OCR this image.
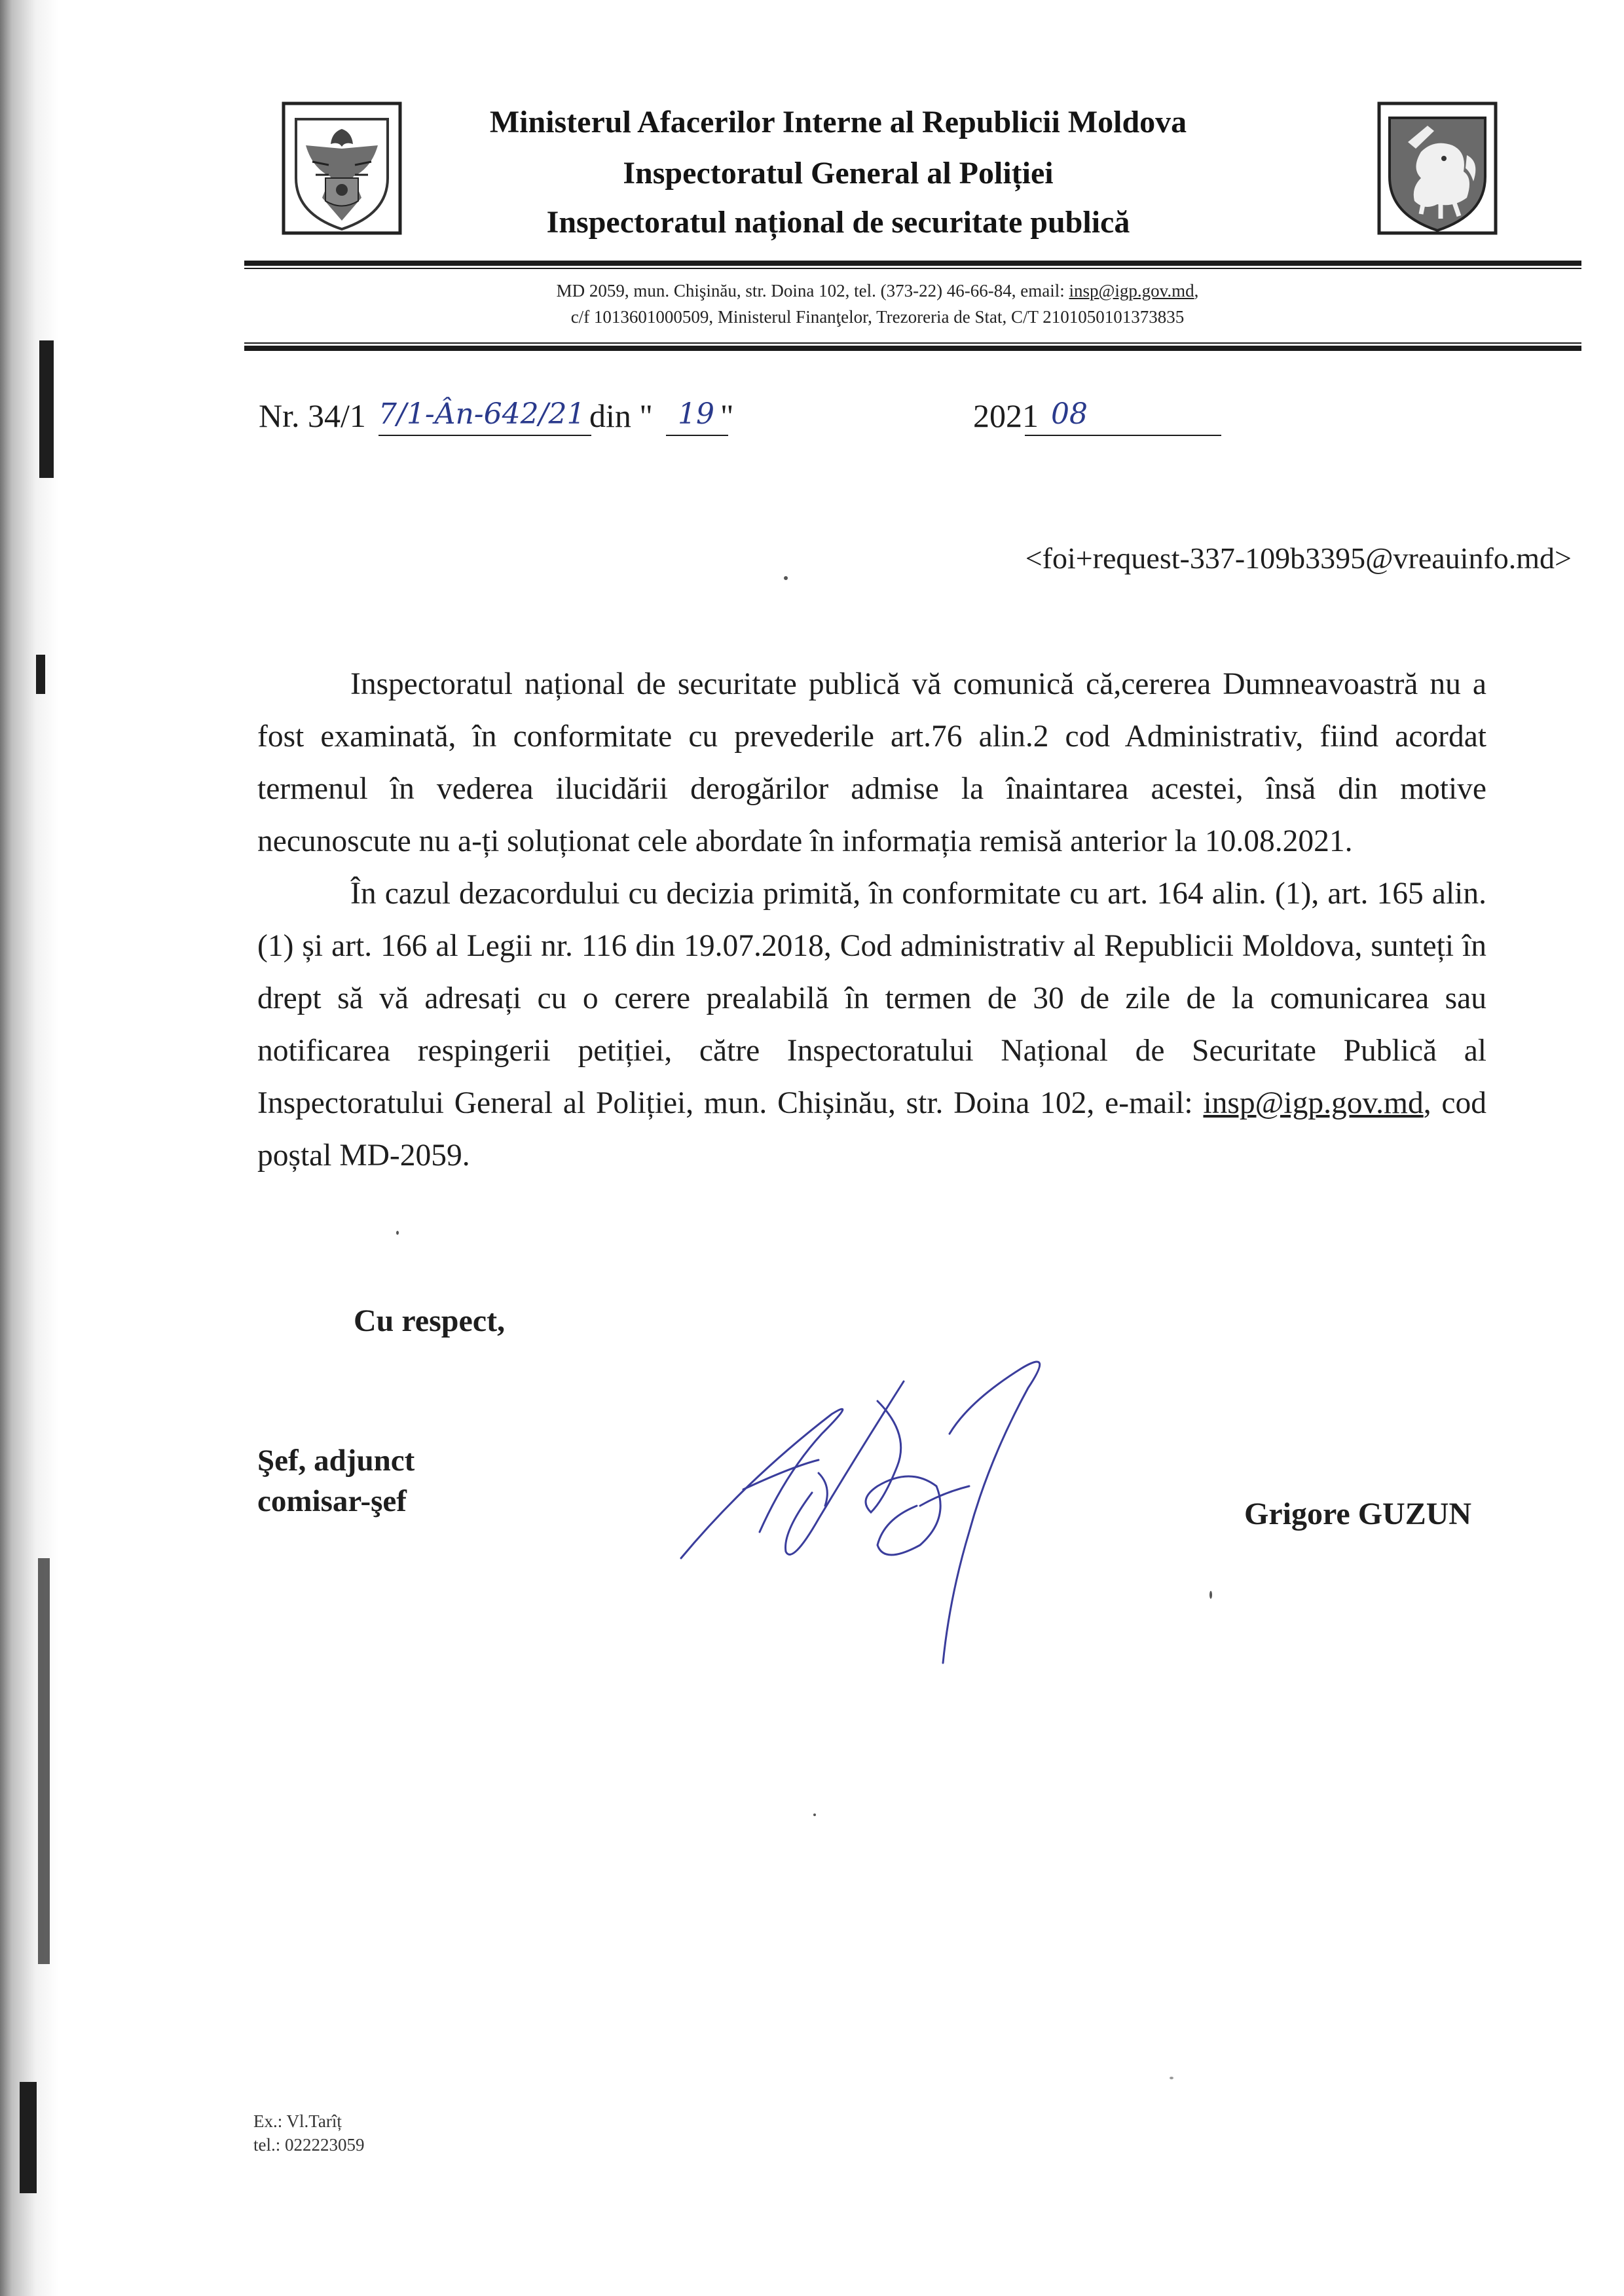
Ministerul Afacerilor Interne al Republicii Moldova
Inspectoratul General al Poliției
Inspectoratul național de securitate publică
MD 2059, mun. Chişinău, str. Doina 102, tel. (373-22) 46-66-84, email: insp@igp.gov.md,
c/f 1013601000509, Ministerul Finanţelor, Trezoreria de Stat, C/T 2101050101373835
Nr. 34/1 7/1-Ân-642/21 din " 19 "	08
2021
<foi+request-337-109b3395@vreauinfo.md>

Inspectoratul național de securitate publică vă comunică că,cererea Dumneavoastră nu a fost examinată, în conformitate cu prevederile art.76 alin.2 cod Administrativ, fiind acordat termenul în vederea ilucidării derogărilor admise la înaintarea acestei, însă din motive necunoscute nu a-ți soluționat cele abordate în informația remisă anterior la 10.08.2021.

În cazul dezacordului cu decizia primită, în conformitate cu art. 164 alin. (1), art. 165 alin. (1) și art. 166 al Legii nr. 116 din 19.07.2018, Cod administrativ al Republicii Moldova, sunteți în drept să vă adresați cu o cerere prealabilă în termen de 30 de zile de la comunicarea sau notificarea respingerii petiției, către Inspectoratului Național de Securitate Publică al Inspectoratului General al Poliției, mun. Chișinău, str. Doina 102, e-mail: insp@igp.gov.md, cod poștal MD-2059.

Cu respect,
Şef, adjunct
comisar-şef	Grigore GUZUN
Ex.: Vl.Tarîț
tel.: 022223059
